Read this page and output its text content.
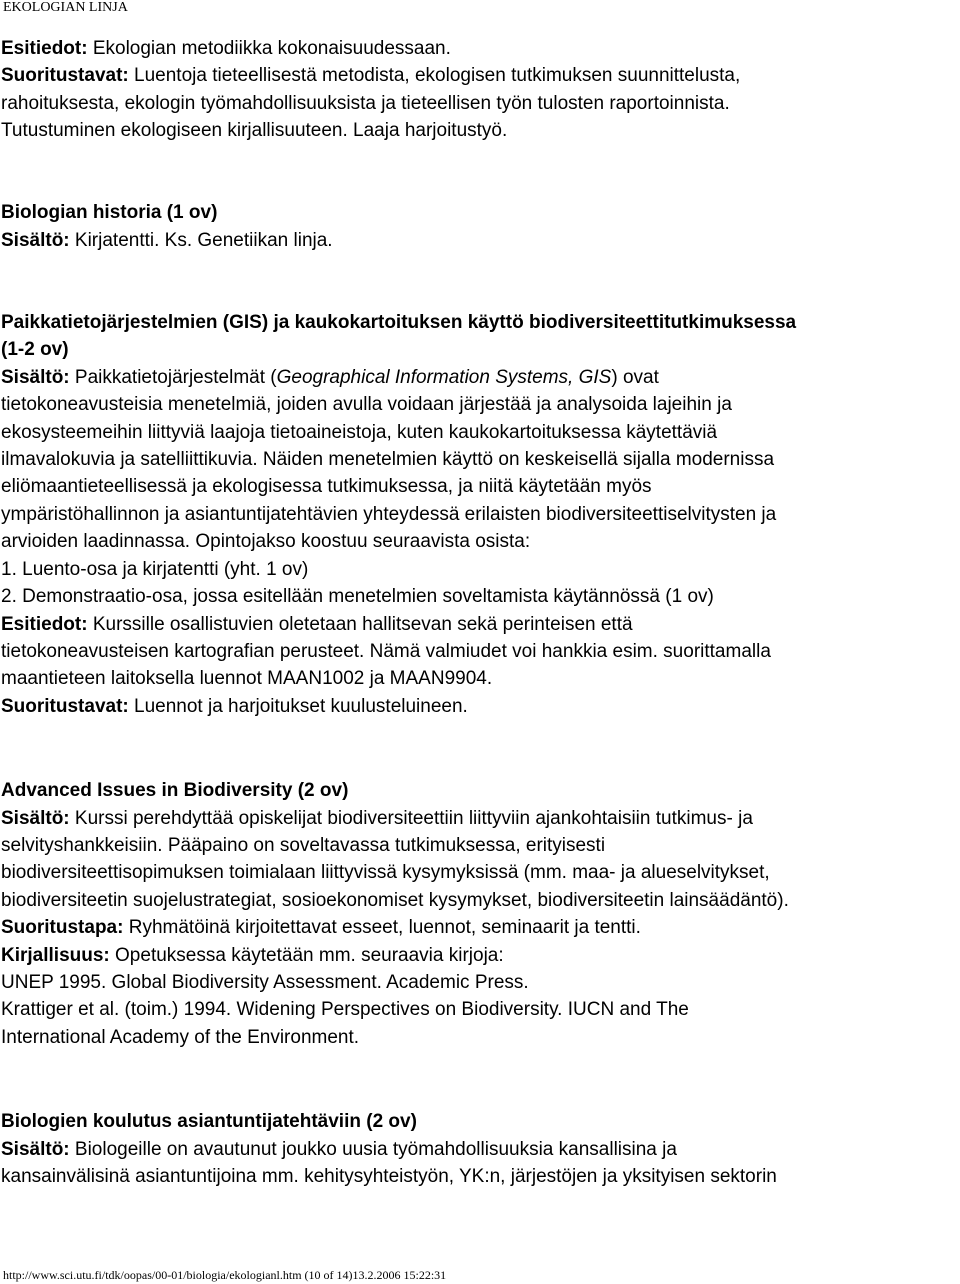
EKOLOGIAN LINJA

Esitiedot: Ekologian metodiikka kokonaisuudessaan.

Suoritustavat: Luentoja tieteellisestä metodista, ekologisen tutkimuksen suunnittelusta,

rahoituksesta, ekologin työmahdollisuuksista ja tieteellisen työn tulosten raportoinnista.

Tutustuminen ekologiseen kirjallisuuteen. Laaja harjoitustyö.

Biologian historia (1 ov)

Sisältö: Kirjatentti. Ks. Genetiikan linja.

Paikkatietojärjestelmien (GIS) ja kaukokartoituksen käyttö biodiversiteettitutkimuksessa

(1-2 ov)

Sisältö: Paikkatietojärjestelmät (Geographical Information Systems, GIS) ovat

tietokoneavusteisia menetelmiä, joiden avulla voidaan järjestää ja analysoida lajeihin ja

ekosysteemeihin liittyviä laajoja tietoaineistoja, kuten kaukokartoituksessa käytettäviä

ilmavalokuvia ja satelliittikuvia. Näiden menetelmien käyttö on keskeisellä sijalla modernissa

eliömaantieteellisessä ja ekologisessa tutkimuksessa, ja niitä käytetään myös

ympäristöhallinnon ja asiantuntijatehtävien yhteydessä erilaisten biodiversiteettiselvitysten ja

arvioiden laadinnassa. Opintojakso koostuu seuraavista osista:

1. Luento-osa ja kirjatentti (yht. 1 ov)

2. Demonstraatio-osa, jossa esitellään menetelmien soveltamista käytännössä (1 ov)

Esitiedot: Kurssille osallistuvien oletetaan hallitsevan sekä perinteisen että

tietokoneavusteisen kartografian perusteet. Nämä valmiudet voi hankkia esim. suorittamalla

maantieteen laitoksella luennot MAAN1002 ja MAAN9904.

Suoritustavat: Luennot ja harjoitukset kuulusteluineen.

Advanced Issues in Biodiversity (2 ov)

Sisältö: Kurssi perehdyttää opiskelijat biodiversiteettiin liittyviin ajankohtaisiin tutkimus- ja

selvityshankkeisiin. Pääpaino on soveltavassa tutkimuksessa, erityisesti

biodiversiteettisopimuksen toimialaan liittyvissä kysymyksissä (mm. maa- ja alueselvitykset,

biodiversiteetin suojelustrategiat, sosioekonomiset kysymykset, biodiversiteetin lainsäädäntö).

Suoritustapa: Ryhmätöinä kirjoitettavat esseet, luennot, seminaarit ja tentti.

Kirjallisuus: Opetuksessa käytetään mm. seuraavia kirjoja:

UNEP 1995. Global Biodiversity Assessment. Academic Press.

Krattiger et al. (toim.) 1994. Widening Perspectives on Biodiversity. IUCN and The

International Academy of the Environment.

Biologien koulutus asiantuntijatehtäviin (2 ov)

Sisältö: Biologeille on avautunut joukko uusia työmahdollisuuksia kansallisina ja

kansainvälisinä asiantuntijoina mm. kehitysyhteistyön, YK:n, järjestöjen ja yksityisen sektorin

http://www.sci.utu.fi/tdk/oopas/00-01/biologia/ekologianl.htm (10 of 14)13.2.2006 15:22:31
